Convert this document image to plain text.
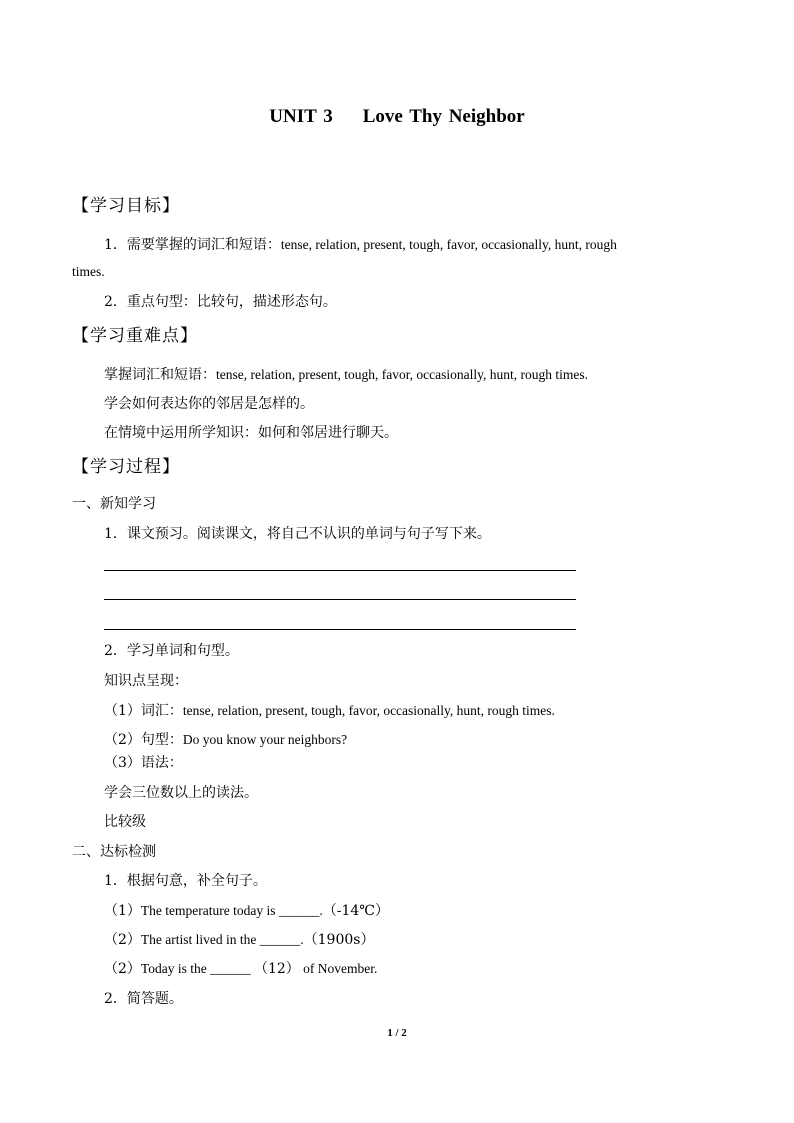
UNIT 3 Love Thy Neighbor
【学习目标】
1．需要掌握的词汇和短语：tense, relation, present, tough, favor, occasionally, hunt, rough
times.
2．重点句型：比较句，描述形态句。
【学习重难点】
掌握词汇和短语：tense, relation, present, tough, favor, occasionally, hunt, rough times.
学会如何表达你的邻居是怎样的。
在情境中运用所学知识：如何和邻居进行聊天。
【学习过程】
一、新知学习
1．课文预习。阅读课文，将自己不认识的单词与句子写下来。
2．学习单词和句型。
知识点呈现：
（1）词汇：tense, relation, present, tough, favor, occasionally, hunt, rough times.
（2）句型：Do you know your neighbors?
（3）语法：
学会三位数以上的读法。
比较级
二、达标检测
1．根据句意，补全句子。
（1）The temperature today is ______.（-14℃）
（2）The artist lived in the ______.（1900s）
（2）Today is the ______ （12） of November.
2．简答题。
1 / 2
